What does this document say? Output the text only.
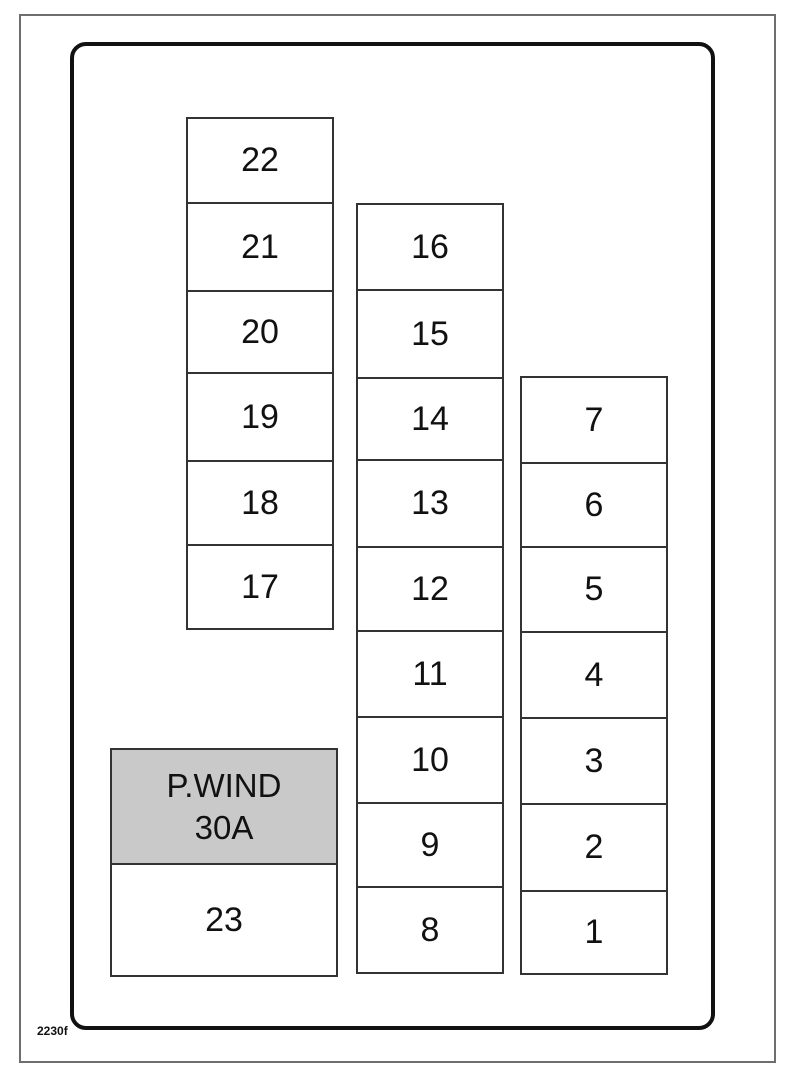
22
21
20
19
18
17
16
15
14
13
12
11
10
9
8
7
6
5
4
3
2
1
P.WIND
30A
23
2230f
